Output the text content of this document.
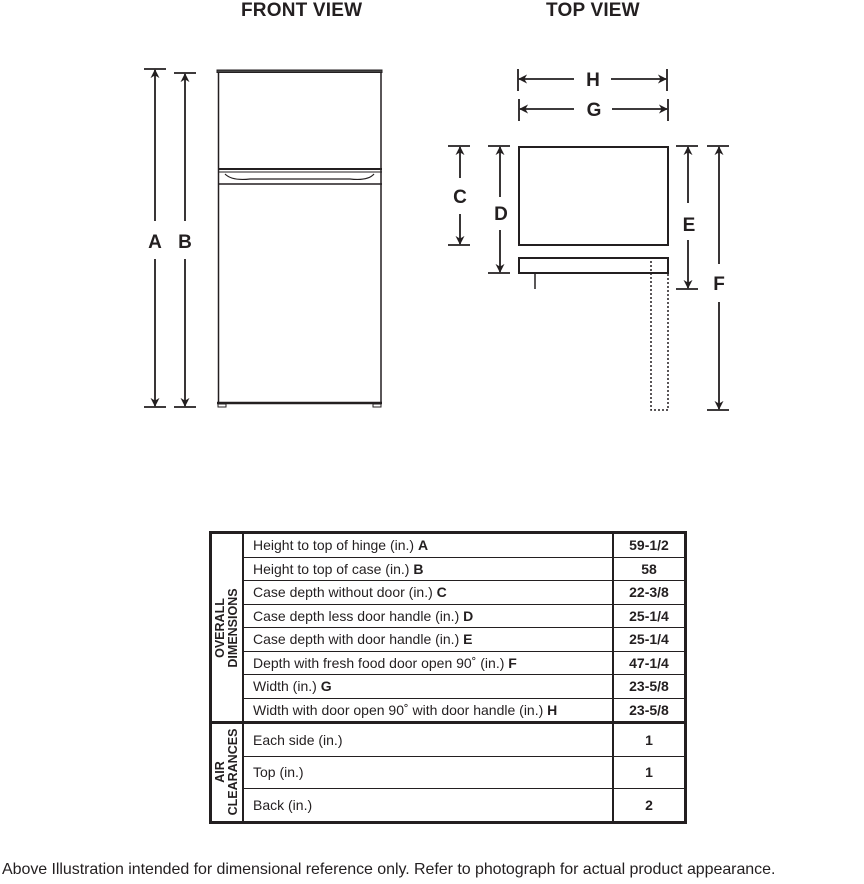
FRONT VIEW	TOP VIEW
A B
H
G
C
D
E
F
OVERALL DIMENSIONS	Height to top of hinge (in.) A	59-1/2
	Height to top of case (in.) B	58
	Case depth without door (in.) C	22-3/8
	Case depth less door handle (in.) D	25-1/4
	Case depth with door handle (in.) E	25-1/4
	Depth with fresh food door open 90˚ (in.) F	47-1/4
	Width (in.) G	23-5/8
	Width with door open 90˚ with door handle (in.) H	23-5/8

AIR CLEARANCES	Each side (in.)	1
	Top (in.)	1
	Back (in.)	2
Above Illustration intended for dimensional reference only. Refer to photograph for actual product appearance.
